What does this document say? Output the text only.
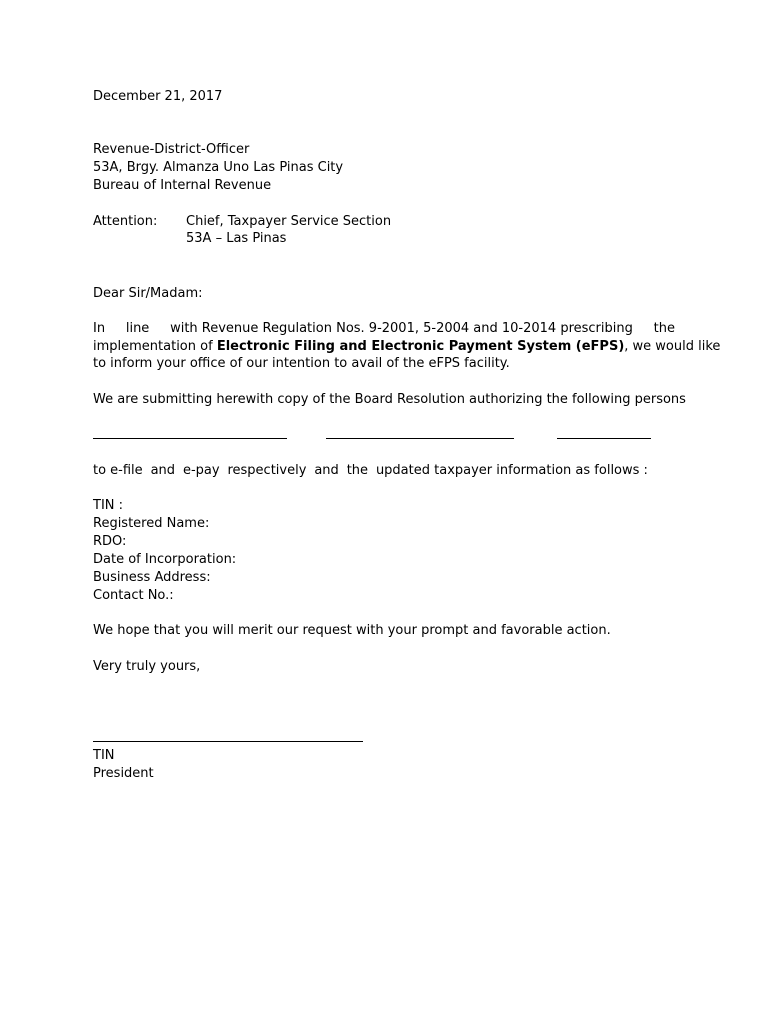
December 21, 2017
Revenue-District-Officer
53A, Brgy. Almanza Uno Las Pinas City
Bureau of Internal Revenue
Attention:	Chief, Taxpayer Service Section
53A – Las Pinas
Dear Sir/Madam:
In line with Revenue Regulation Nos. 9-2001, 5-2004 and 10-2014 prescribing the
implementation of Electronic Filing and Electronic Payment System (eFPS), we would like
to inform your office of our intention to avail of the eFPS facility.
We are submitting herewith copy of the Board Resolution authorizing the following persons
to e-file and e-pay respectively and the updated taxpayer information as follows :
TIN :
Registered Name:
RDO:
Date of Incorporation:
Business Address:
Contact No.:
We hope that you will merit our request with your prompt and favorable action.
Very truly yours,
TIN
President
